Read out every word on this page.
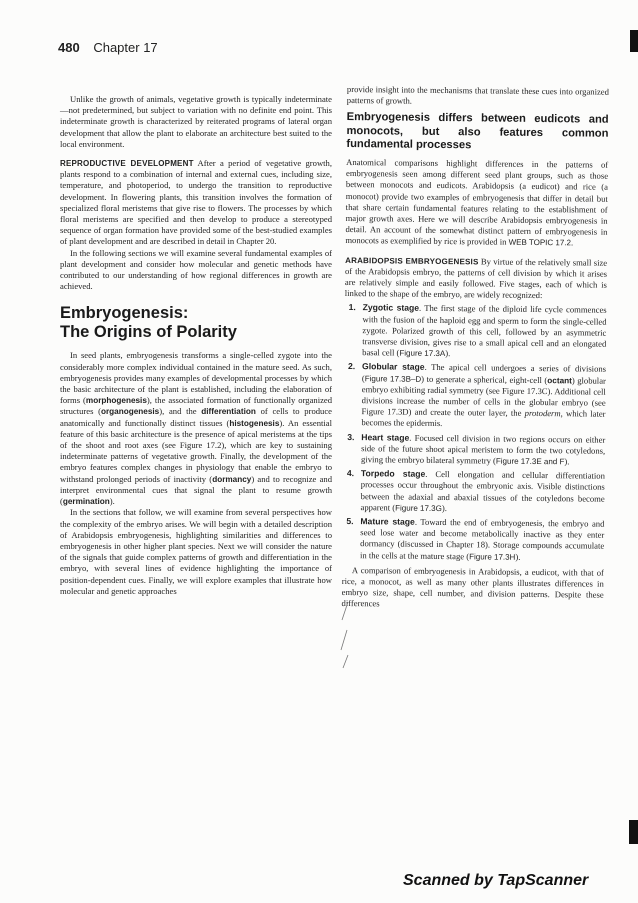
480 Chapter 17

Unlike the growth of animals, vegetative growth is typically indeterminate—not predetermined, but subject to variation with no definite end point. This indeterminate growth is characterized by reiterated programs of lateral organ development that allow the plant to elaborate an architecture best suited to the local environment.

REPRODUCTIVE DEVELOPMENT After a period of vegetative growth, plants respond to a combination of internal and external cues, including size, temperature, and photoperiod, to undergo the transition to reproductive development. In flowering plants, this transition involves the formation of specialized floral meristems that give rise to flowers. The processes by which floral meristems are specified and then develop to produce a stereotyped sequence of organ formation have provided some of the best-studied examples of plant development and are described in detail in Chapter 20.

In the following sections we will examine several fundamental examples of plant development and consider how molecular and genetic methods have contributed to our understanding of how regional differences in growth are achieved.

Embryogenesis:
The Origins of Polarity

In seed plants, embryogenesis transforms a single-celled zygote into the considerably more complex individual contained in the mature seed. As such, embryogenesis provides many examples of developmental processes by which the basic architecture of the plant is established, including the elaboration of forms (morphogenesis), the associated formation of functionally organized structures (organogenesis), and the differentiation of cells to produce anatomically and functionally distinct tissues (histogenesis). An essential feature of this basic architecture is the presence of apical meristems at the tips of the shoot and root axes (see Figure 17.2), which are key to sustaining indeterminate patterns of vegetative growth. Finally, the development of the embryo features complex changes in physiology that enable the embryo to withstand prolonged periods of inactivity (dormancy) and to recognize and interpret environmental cues that signal the plant to resume growth (germination).

In the sections that follow, we will examine from several perspectives how the complexity of the embryo arises. We will begin with a detailed description of Arabidopsis embryogenesis, highlighting similarities and differences to embryogenesis in other higher plant species. Next we will consider the nature of the signals that guide complex patterns of growth and differentiation in the embryo, with several lines of evidence highlighting the importance of position-dependent cues. Finally, we will explore examples that illustrate how molecular and genetic approaches

provide insight into the mechanisms that translate these cues into organized patterns of growth.

Embryogenesis differs between eudicots and monocots, but also features common fundamental processes

Anatomical comparisons highlight differences in the patterns of embryogenesis seen among different seed plant groups, such as those between monocots and eudicots. Arabidopsis (a eudicot) and rice (a monocot) provide two examples of embryogenesis that differ in detail but that share certain fundamental features relating to the establishment of major growth axes. Here we will describe Arabidopsis embryogenesis in detail. An account of the somewhat distinct pattern of embryogenesis in monocots as exemplified by rice is provided in WEB TOPIC 17.2.

ARABIDOPSIS EMBRYOGENESIS By virtue of the relatively small size of the Arabidopsis embryo, the patterns of cell division by which it arises are relatively simple and easily followed. Five stages, each of which is linked to the shape of the embryo, are widely recognized:

1. Zygotic stage. The first stage of the diploid life cycle commences with the fusion of the haploid egg and sperm to form the single-celled zygote. Polarized growth of this cell, followed by an asymmetric transverse division, gives rise to a small apical cell and an elongated basal cell (Figure 17.3A).
2. Globular stage. The apical cell undergoes a series of divisions (Figure 17.3B–D) to generate a spherical, eight-cell (octant) globular embryo exhibiting radial symmetry (see Figure 17.3C). Additional cell divisions increase the number of cells in the globular embryo (see Figure 17.3D) and create the outer layer, the protoderm, which later becomes the epidermis.
3. Heart stage. Focused cell division in two regions occurs on either side of the future shoot apical meristem to form the two cotyledons, giving the embryo bilateral symmetry (Figure 17.3E and F).
4. Torpedo stage. Cell elongation and cellular differentiation processes occur throughout the embryonic axis. Visible distinctions between the adaxial and abaxial tissues of the cotyledons become apparent (Figure 17.3G).
5. Mature stage. Toward the end of embryogenesis, the embryo and seed lose water and become metabolically inactive as they enter dormancy (discussed in Chapter 18). Storage compounds accumulate in the cells at the mature stage (Figure 17.3H).

A comparison of embryogenesis in Arabidopsis, a eudicot, with that of rice, a monocot, as well as many other plants illustrates differences in embryo size, shape, cell number, and division patterns. Despite these differences

Scanned by TapScanner
